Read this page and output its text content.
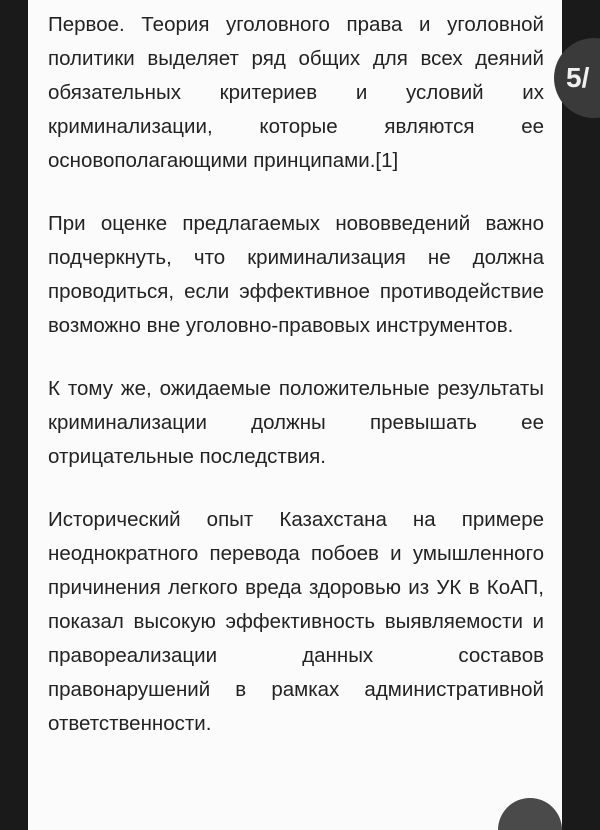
Первое. Теория уголовного права и уголовной политики выделяет ряд общих для всех деяний обязательных критериев и условий их криминализации, которые являются ее основополагающими принципами.[1]

При оценке предлагаемых нововведений важно подчеркнуть, что криминализация не должна проводиться, если эффективное противодействие возможно вне уголовно-правовых инструментов.

К тому же, ожидаемые положительные результаты криминализации должны превышать ее отрицательные последствия.

Исторический опыт Казахстана на примере неоднократного перевода побоев и умышленного причинения легкого вреда здоровью из УК в КоАП, показал высокую эффективность выявляемости и правореализации данных составов правонарушений в рамках административной ответственности.

5/
